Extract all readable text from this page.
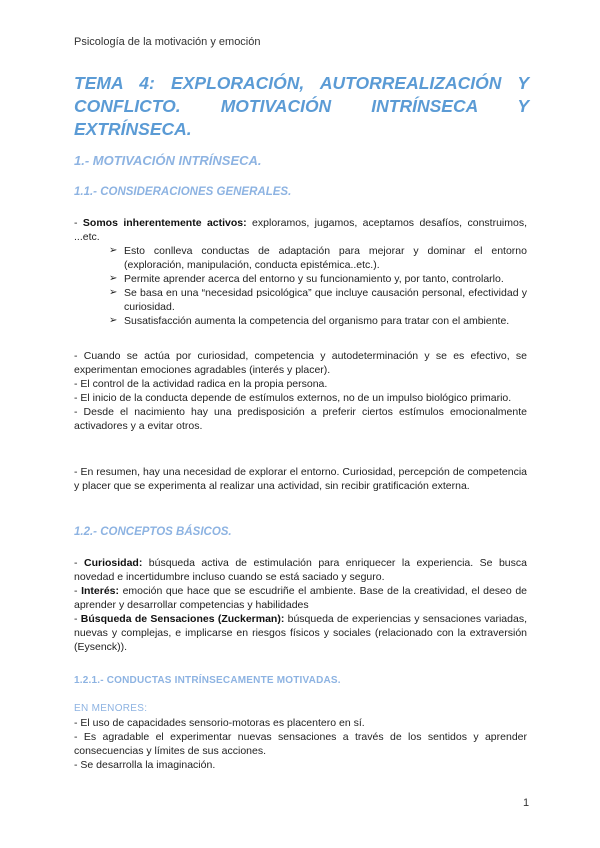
Psicología de la motivación y emoción
TEMA 4: EXPLORACIÓN, AUTORREALIZACIÓN Y CONFLICTO. MOTIVACIÓN INTRÍNSECA Y EXTRÍNSECA.
1.- MOTIVACIÓN INTRÍNSECA.
1.1.- CONSIDERACIONES GENERALES.

- Somos inherentemente activos: exploramos, jugamos, aceptamos desafíos, construimos, ...etc.

➢ Esto conlleva conductas de adaptación para mejorar y dominar el entorno (exploración, manipulación, conducta epistémica..etc.).
➢ Permite aprender acerca del entorno y su funcionamiento y, por tanto, controlarlo.
➢ Se basa en una “necesidad psicológica” que incluye causación personal, efectividad y curiosidad.
➢ Susatisfacción aumenta la competencia del organismo para tratar con el ambiente.

- Cuando se actúa por curiosidad, competencia y autodeterminación y se es efectivo, se experimentan emociones agradables (interés y placer).

- El control de la actividad radica en la propia persona.

- El inicio de la conducta depende de estímulos externos, no de un impulso biológico primario.

- Desde el nacimiento hay una predisposición a preferir ciertos estímulos emocionalmente activadores y a evitar otros.

- En resumen, hay una necesidad de explorar el entorno. Curiosidad, percepción de competencia y placer que se experimenta al realizar una actividad, sin recibir gratificación externa.
1.2.- CONCEPTOS BÁSICOS.

- Curiosidad: búsqueda activa de estimulación para enriquecer la experiencia. Se busca novedad e incertidumbre incluso cuando se está saciado y seguro.

- Interés: emoción que hace que se escudriñe el ambiente. Base de la creatividad, el deseo de aprender y desarrollar competencias y habilidades

- Búsqueda de Sensaciones (Zuckerman): búsqueda de experiencias y sensaciones variadas, nuevas y complejas, e implicarse en riesgos físicos y sociales (relacionado con la extraversión (Eysenck)).

1.2.1.- CONDUCTAS INTRÍNSECAMENTE MOTIVADAS.

EN MENORES:

- El uso de capacidades sensorio-motoras es placentero en sí.

- Es agradable el experimentar nuevas sensaciones a través de los sentidos y aprender consecuencias y límites de sus acciones.

- Se desarrolla la imaginación.

1
